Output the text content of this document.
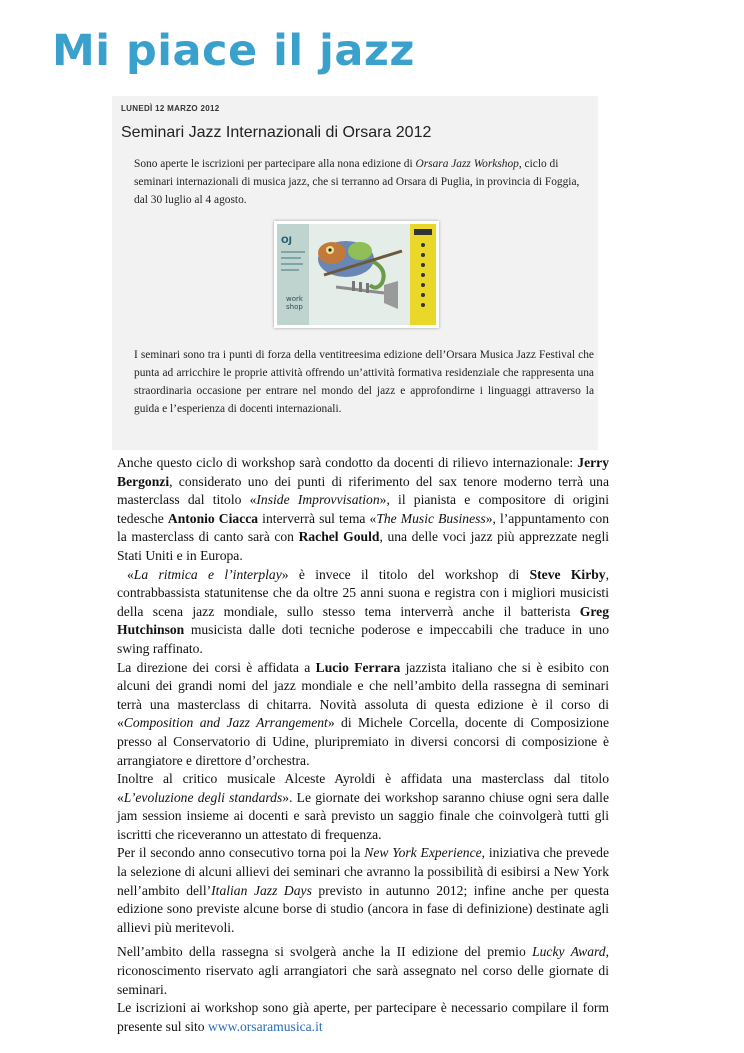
Mi piace il jazz
LUNEDÌ 12 MARZO 2012
Seminari Jazz Internazionali di Orsara 2012

Sono aperte le iscrizioni per partecipare alla nona edizione di Orsara Jazz Workshop, ciclo di seminari internazionali di musica jazz, che si terranno ad Orsara di Puglia, in provincia di Foggia, dal 30 luglio al 4 agosto.

OJ
work
shop

I seminari sono tra i punti di forza della ventitreesima edizione dell’Orsara Musica Jazz Festival che punta ad arricchire le proprie attività offrendo un’attività formativa residenziale che rappresenta una straordinaria occasione per entrare nel mondo del jazz e approfondirne i linguaggi attraverso la guida e l’esperienza di docenti internazionali.

Anche questo ciclo di workshop sarà condotto da docenti di rilievo internazionale: Jerry Bergonzi, considerato uno dei punti di riferimento del sax tenore moderno terrà una masterclass dal titolo «Inside Improvvisation», il pianista e compositore di origini tedesche Antonio Ciacca interverrà sul tema «The Music Business», l’appuntamento con la masterclass di canto sarà con Rachel Gould, una delle voci jazz più apprezzate negli Stati Uniti e in Europa.

«La ritmica e l’interplay» è invece il titolo del workshop di Steve Kirby, contrabbassista statunitense che da oltre 25 anni suona e registra con i migliori musicisti della scena jazz mondiale, sullo stesso tema interverrà anche il batterista Greg Hutchinson musicista dalle doti tecniche poderose e impeccabili che traduce in uno swing raffinato.

La direzione dei corsi è affidata a Lucio Ferrara jazzista italiano che si è esibito con alcuni dei grandi nomi del jazz mondiale e che nell’ambito della rassegna di seminari terrà una masterclass di chitarra. Novità assoluta di questa edizione è il corso di «Composition and Jazz Arrangement» di Michele Corcella, docente di Composizione presso al Conservatorio di Udine, pluripremiato in diversi concorsi di composizione è arrangiatore e direttore d’orchestra.

Inoltre al critico musicale Alceste Ayroldi è affidata una masterclass dal titolo «L’evoluzione degli standards». Le giornate dei workshop saranno chiuse ogni sera dalle jam session insieme ai docenti e sarà previsto un saggio finale che coinvolgerà tutti gli iscritti che riceveranno un attestato di frequenza.

Per il secondo anno consecutivo torna poi la New York Experience, iniziativa che prevede la selezione di alcuni allievi dei seminari che avranno la possibilità di esibirsi a New York nell’ambito dell’Italian Jazz Days previsto in autunno 2012; infine anche per questa edizione sono previste alcune borse di studio (ancora in fase di definizione) destinate agli allievi più meritevoli.

Nell’ambito della rassegna si svolgerà anche la II edizione del premio Lucky Award, riconoscimento riservato agli arrangiatori che sarà assegnato nel corso delle giornate di seminari.

Le iscrizioni ai workshop sono già aperte, per partecipare è necessario compilare il form presente sul sito www.orsaramusica.it
